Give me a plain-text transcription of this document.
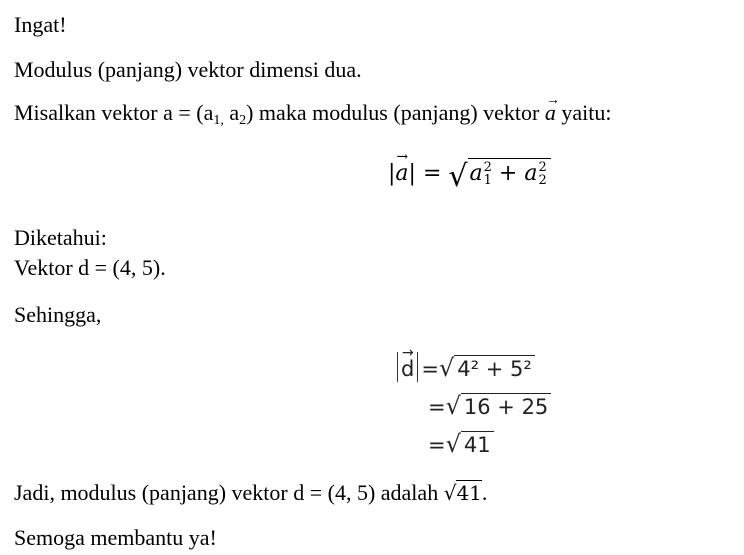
Ingat!
Modulus (panjang) vektor dimensi dua.
Misalkan vektor $a = (a_{1,}$ $a_2$) maka modulus (panjang) vektor → a yaitu:
|→ a| = √a 2
1 + a 2
2
Diketahui:
Vektor d = (4, 5).
Sehingga,
→ d =√ 4² + 5²
=√ 16 + 25
=√ 41
Jadi, modulus (panjang) vektor d = (4, 5) adalah √41.
Semoga membantu ya!
